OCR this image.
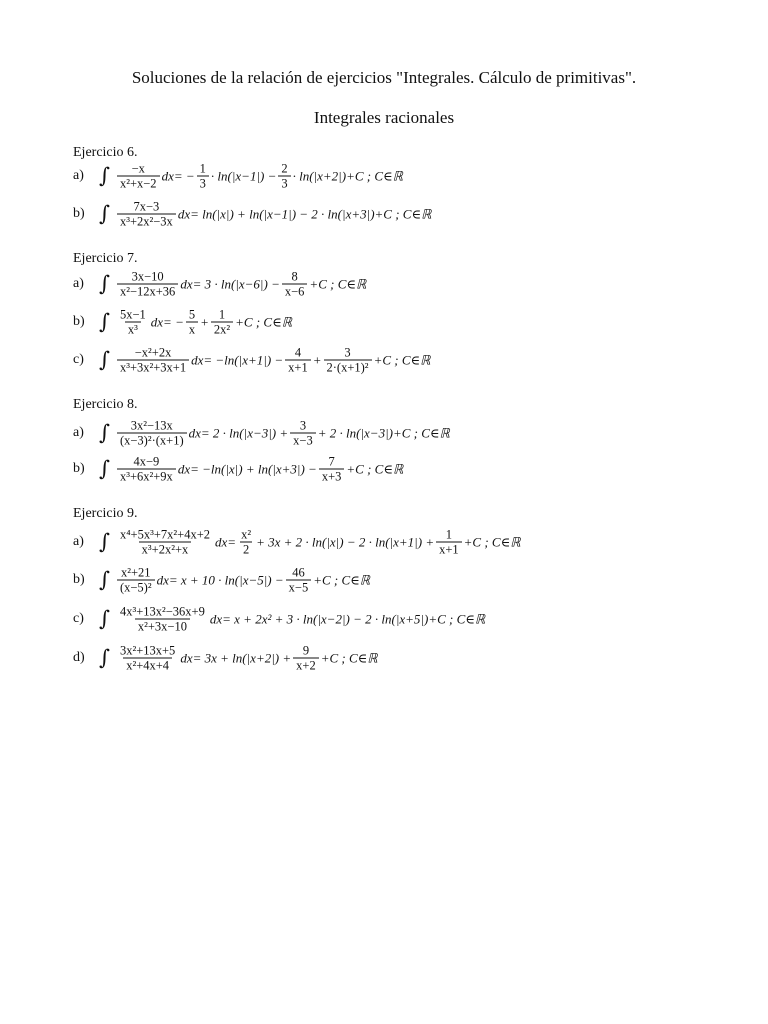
Soluciones de la relación de ejercicios "Integrales. Cálculo de primitivas".
Integrales racionales
Ejercicio 6.
a) ∫ $\frac{-x}{\text{x²+x−2}}$ dx = − $\frac{1}{3} \cdot \ln(|x-1|) - \frac{2}{3} \cdot \ln(|x+2|) +C$ ; C∈ℝ
b) ∫ $\frac{7x-3}{\text{x³+2x²−3x}}$ dx = ln(|x|) + ln(|x−1|) − 2 · ln(|x+3|) +C ; C∈ℝ
Ejercicio 7.
a) ∫ $\frac{3x-10}{\text{x²−12x+36}}$ dx = $3 \cdot \ln(|x-6|) - \frac{8}{x-6} +C$ ; C∈ℝ
b) ∫ $\frac{5x-1}{\text{x³}}$ dx = − $\frac{5}{x} + \frac{1}{\text{2x²}} +C$ ; C∈ℝ
c) ∫ $\frac{\text{−x²+2x}}{\text{x³+3x²+3x+1}}$ dx = $-\ln(|x+1|) - \frac{4}{x+1} + \frac{3}{\text{2·(x+1)²}} +C$ ; C∈ℝ
Ejercicio 8.
a) ∫ $\frac{\text{3x²−13x}}{\text{(x−3)²·(x+1)}}$ dx = $2 \cdot \ln(|x-3|) + \frac{3}{x-3} + 2 \cdot \ln(|x-3|) +C$ ; C∈ℝ
b) ∫ $\frac{4x-9}{\text{x³+6x²+9x}}$ dx = $-\ln(|x|) + \ln(|x+3|) - \frac{7}{x+3} +C$ ; C∈ℝ
Ejercicio 9.
a) ∫ $\frac{\text{x⁴+5x³+7x²+4x+2}}{\text{x³+2x²+x}}$ dx = $\frac{\text{x²}}{2} + 3x + 2 \cdot \ln(|x|) - 2 \cdot \ln(|x+1|) + \frac{1}{x+1} +C$ ; C∈ℝ
b) ∫ $\frac{\text{x²+21}}{\text{(x−5)²}}$ dx = $x + 10 \cdot \ln(|x-5|) - \frac{46}{x-5} +C$ ; C∈ℝ
c) ∫ $\frac{\text{4x³+13x²−36x+9}}{\text{x²+3x−10}}$ dx = x + 2x² + 3 · ln(|x−2|) − 2 · ln(|x+5|) +C ; C∈ℝ
d) ∫ $\frac{\text{3x²+13x+5}}{\text{x²+4x+4}}$ dx = $3x + \ln(|x+2|) + \frac{9}{x+2} +C$ ; C∈ℝ
